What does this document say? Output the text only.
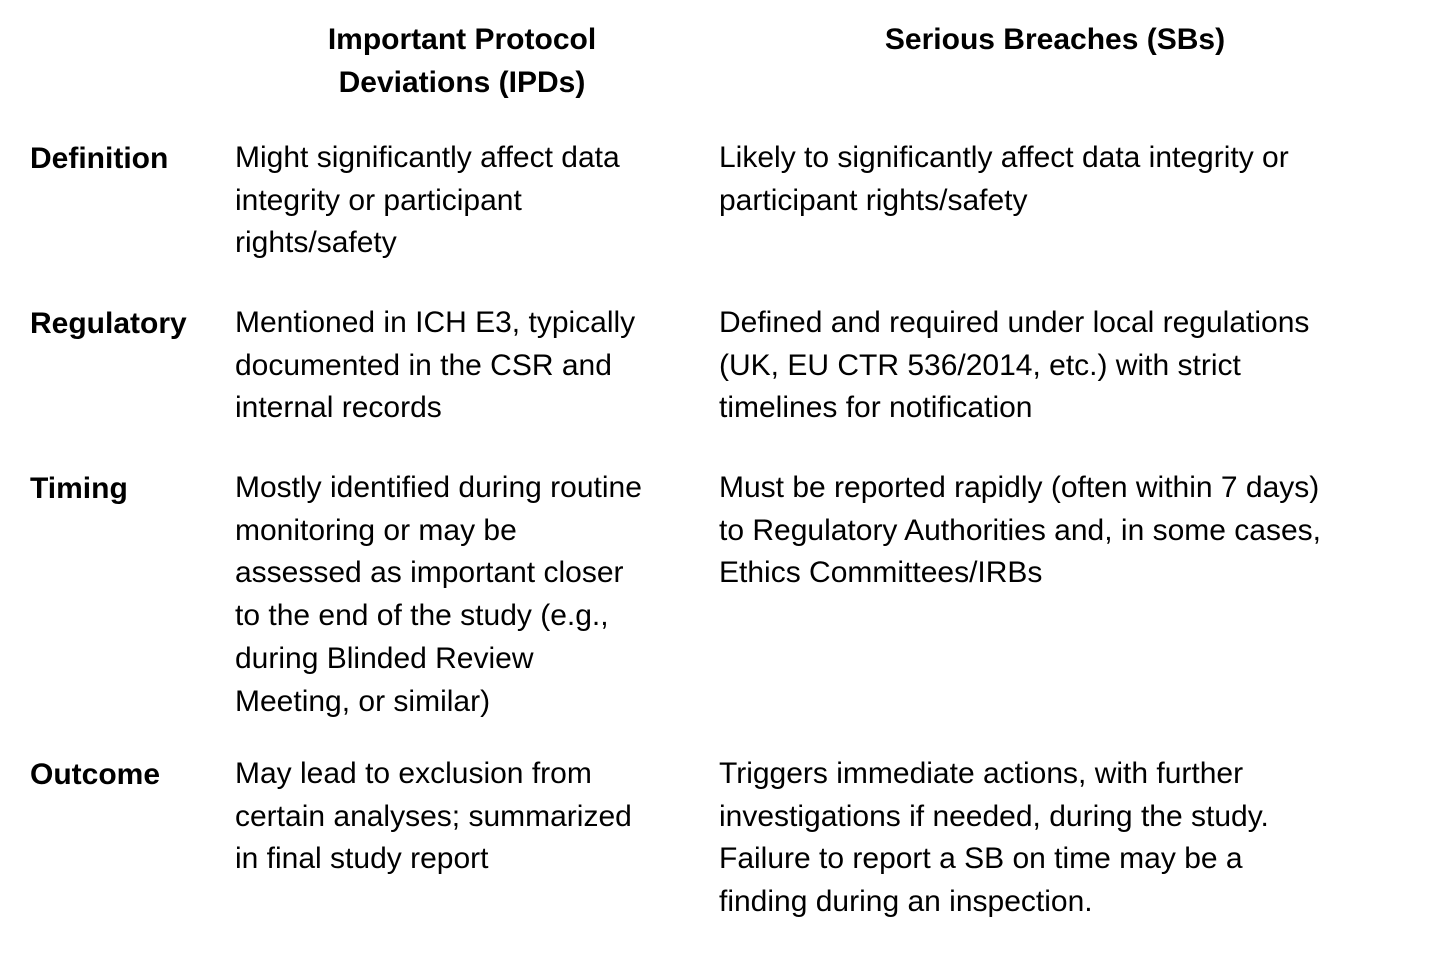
Important Protocol
Deviations (IPDs)
Serious Breaches (SBs)
Definition Might significantly affect data
integrity or participant
rights/safety
Likely to significantly affect data integrity or
participant rights/safety
Regulatory Mentioned in ICH E3, typically
documented in the CSR and
internal records
Defined and required under local regulations
(UK, EU CTR 536/2014, etc.) with strict
timelines for notification
Timing	Mostly identified during routine
monitoring or may be
assessed as important closer
to the end of the study (e.g.,
during Blinded Review
Meeting, or similar)
Must be reported rapidly (often within 7 days)
to Regulatory Authorities and, in some cases,
Ethics Committees/IRBs
Outcome May lead to exclusion from
certain analyses; summarized
in final study report
Triggers immediate actions, with further
investigations if needed, during the study.
Failure to report a SB on time may be a
finding during an inspection.
